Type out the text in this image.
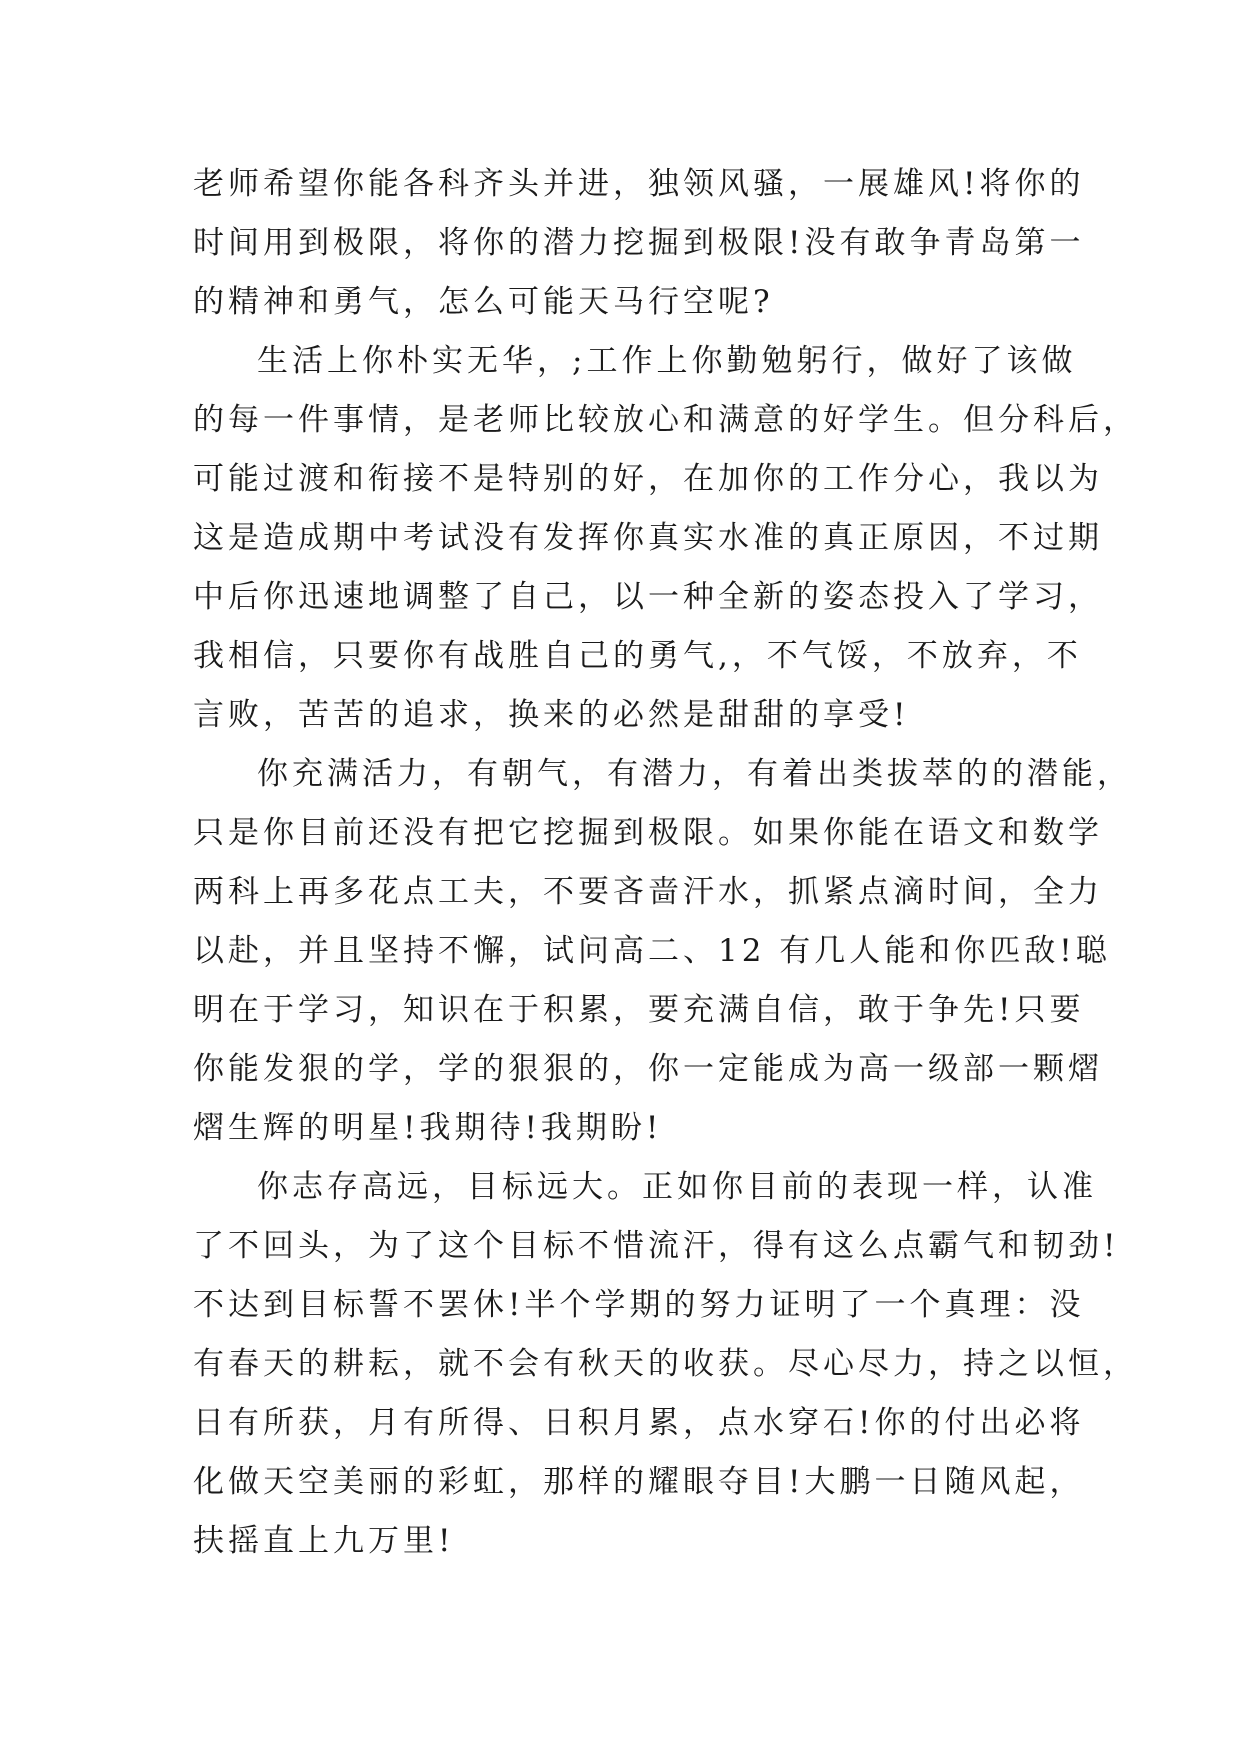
老师希望你能各科齐头并进，独领风骚，一展雄风!将你的
时间用到极限，将你的潜力挖掘到极限!没有敢争青岛第一
的精神和勇气，怎么可能天马行空呢?
生活上你朴实无华，;工作上你勤勉躬行，做好了该做
的每一件事情，是老师比较放心和满意的好学生。但分科后，
可能过渡和衔接不是特别的好，在加你的工作分心，我以为
这是造成期中考试没有发挥你真实水准的真正原因，不过期
中后你迅速地调整了自己，以一种全新的姿态投入了学习，
我相信，只要你有战胜自己的勇气,，不气馁，不放弃，不
言败，苦苦的追求，换来的必然是甜甜的享受!
你充满活力，有朝气，有潜力，有着出类拔萃的的潜能，
只是你目前还没有把它挖掘到极限。如果你能在语文和数学
两科上再多花点工夫，不要吝啬汗水，抓紧点滴时间，全力
以赴，并且坚持不懈，试问高二、12 有几人能和你匹敌!聪
明在于学习，知识在于积累，要充满自信，敢于争先!只要
你能发狠的学，学的狠狠的，你一定能成为高一级部一颗熠
熠生辉的明星!我期待!我期盼!
你志存高远，目标远大。正如你目前的表现一样，认准
了不回头，为了这个目标不惜流汗，得有这么点霸气和韧劲!
不达到目标誓不罢休!半个学期的努力证明了一个真理：没
有春天的耕耘，就不会有秋天的收获。尽心尽力，持之以恒，
日有所获，月有所得、日积月累，点水穿石!你的付出必将
化做天空美丽的彩虹，那样的耀眼夺目!大鹏一日随风起，
扶摇直上九万里!
